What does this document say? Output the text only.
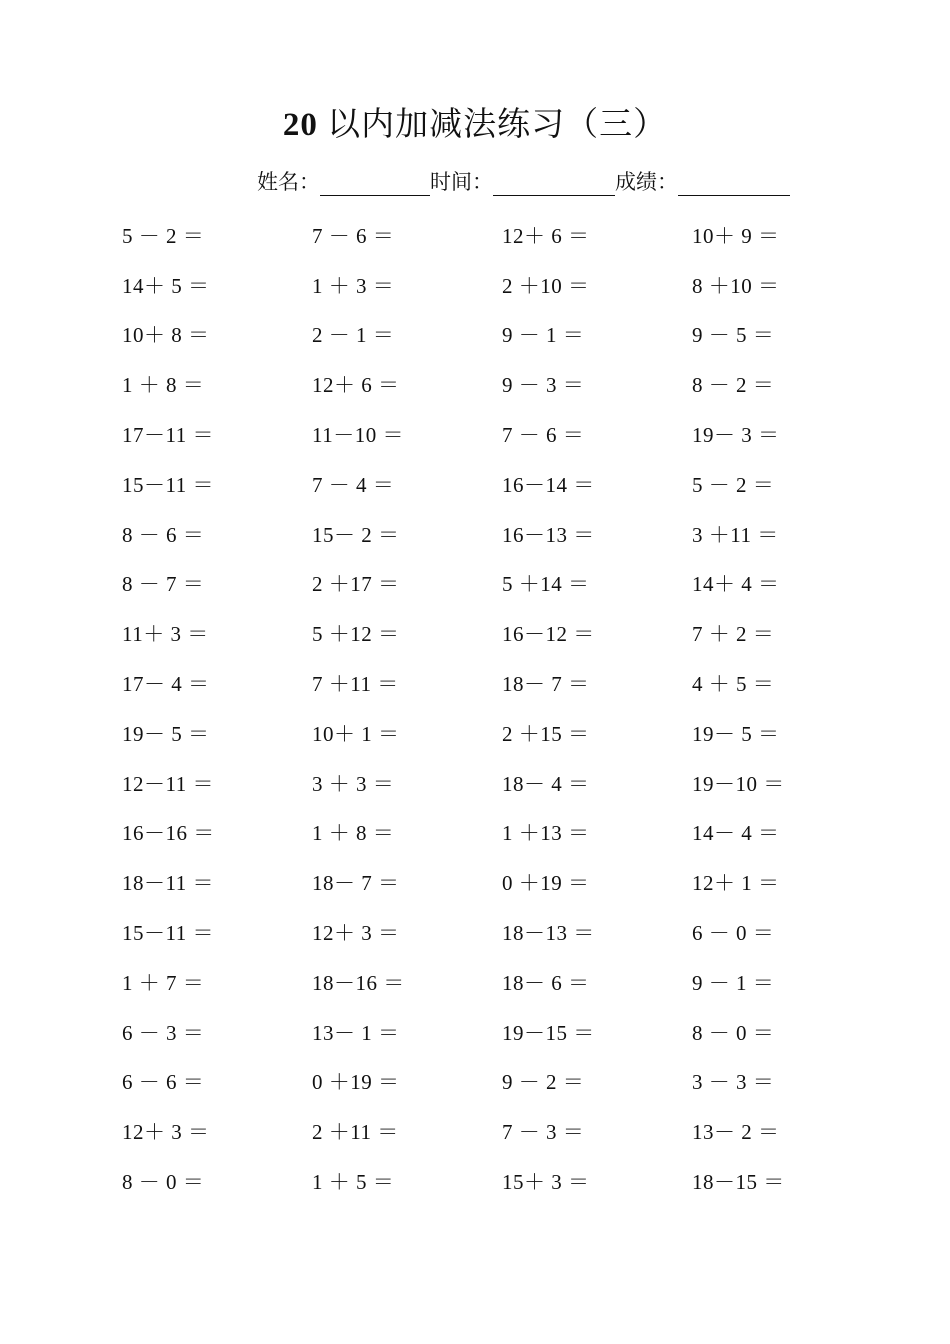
20 以内加减法练习（三）
姓名：	时间：	成绩：
5 － 2 ＝	7 － 6 ＝	12＋ 6 ＝	10＋ 9 ＝
14＋ 5 ＝	1 ＋ 3 ＝	2 ＋10 ＝	8 ＋10 ＝
10＋ 8 ＝	2 － 1 ＝	9 － 1 ＝	9 － 5 ＝
1 ＋ 8 ＝	12＋ 6 ＝	9 － 3 ＝	8 － 2 ＝
17－11 ＝	11－10 ＝	7 － 6 ＝	19－ 3 ＝
15－11 ＝	7 － 4 ＝	16－14 ＝	5 － 2 ＝
8 － 6 ＝	15－ 2 ＝	16－13 ＝	3 ＋11 ＝
8 － 7 ＝	2 ＋17 ＝	5 ＋14 ＝	14＋ 4 ＝
11＋ 3 ＝	5 ＋12 ＝	16－12 ＝	7 ＋ 2 ＝
17－ 4 ＝	7 ＋11 ＝	18－ 7 ＝	4 ＋ 5 ＝
19－ 5 ＝	10＋ 1 ＝	2 ＋15 ＝	19－ 5 ＝
12－11 ＝	3 ＋ 3 ＝	18－ 4 ＝	19－10 ＝
16－16 ＝	1 ＋ 8 ＝	1 ＋13 ＝	14－ 4 ＝
18－11 ＝	18－ 7 ＝	0 ＋19 ＝	12＋ 1 ＝
15－11 ＝	12＋ 3 ＝	18－13 ＝	6 － 0 ＝
1 ＋ 7 ＝	18－16 ＝	18－ 6 ＝	9 － 1 ＝
6 － 3 ＝	13－ 1 ＝	19－15 ＝	8 － 0 ＝
6 － 6 ＝	0 ＋19 ＝	9 － 2 ＝	3 － 3 ＝
12＋ 3 ＝	2 ＋11 ＝	7 － 3 ＝	13－ 2 ＝
8 － 0 ＝	1 ＋ 5 ＝	15＋ 3 ＝	18－15 ＝
